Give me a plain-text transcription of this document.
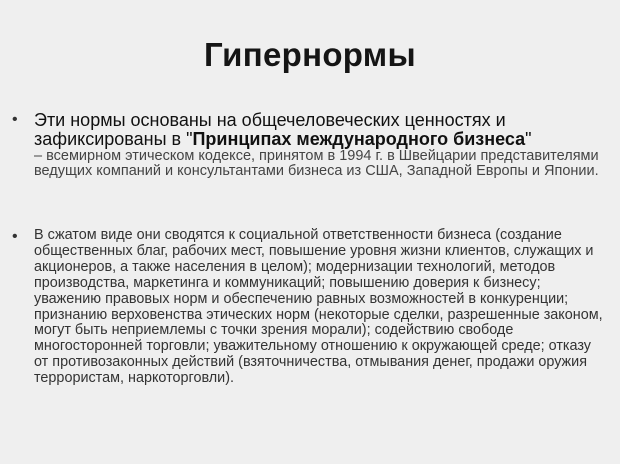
Гипернормы
• Эти нормы основаны на общечеловеческих ценностях и зафиксированы в "Принципах международного бизнеса"
– всемирном этическом кодексе, принятом в 1994 г. в Швейцарии представителями ведущих компаний и консультантами бизнеса из США, Западной Европы и Японии.
• В сжатом виде они сводятся к социальной ответственности бизнеса (создание общественных благ, рабочих мест, повышение уровня жизни клиентов, служащих и акционеров, а также населения в целом); модернизации технологий, методов производства, маркетинга и коммуникаций; повышению доверия к бизнесу; уважению правовых норм и обеспечению равных возможностей в конкуренции; признанию верховенства этических норм (некоторые сделки, разрешенные законом, могут быть неприемлемы с точки зрения морали); содействию свободе многосторонней торговли; уважительному отношению к окружающей среде; отказу от противозаконных действий (взяточничества, отмывания денег, продажи оружия террористам, наркоторговли).
